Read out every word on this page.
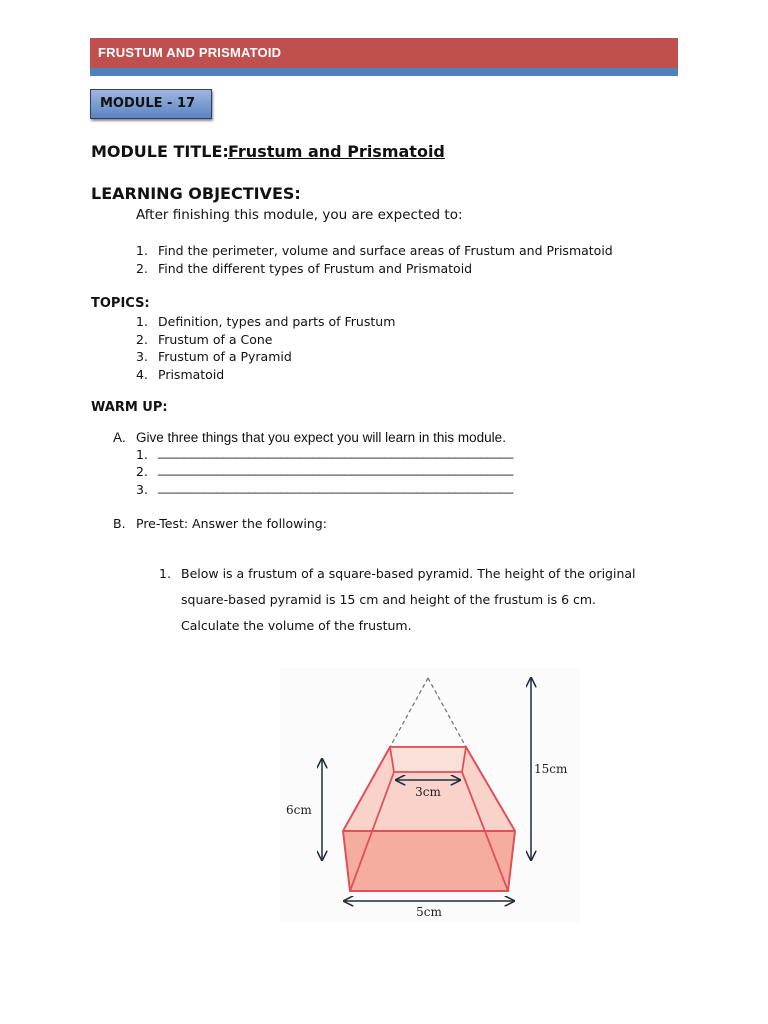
FRUSTUM AND PRISMATOID
MODULE - 17
MODULE TITLE: Frustum and Prismatoid
LEARNING OBJECTIVES:
After finishing this module, you are expected to:
1. Find the perimeter, volume and surface areas of Frustum and Prismatoid
2. Find the different types of Frustum and Prismatoid
TOPICS:
1. Definition, types and parts of Frustum
2. Frustum of a Cone
3. Frustum of a Pyramid
4. Prismatoid
WARM UP:
A. Give three things that you expect you will learn in this module.
1. _______________________________________________________
2. _______________________________________________________
3. _______________________________________________________
B. Pre-Test: Answer the following:
1. Below is a frustum of a square-based pyramid. The height of the original
square-based pyramid is 15 cm and height of the frustum is 6 cm.
Calculate the volume of the frustum.
3cm
5cm
6cm
15cm
